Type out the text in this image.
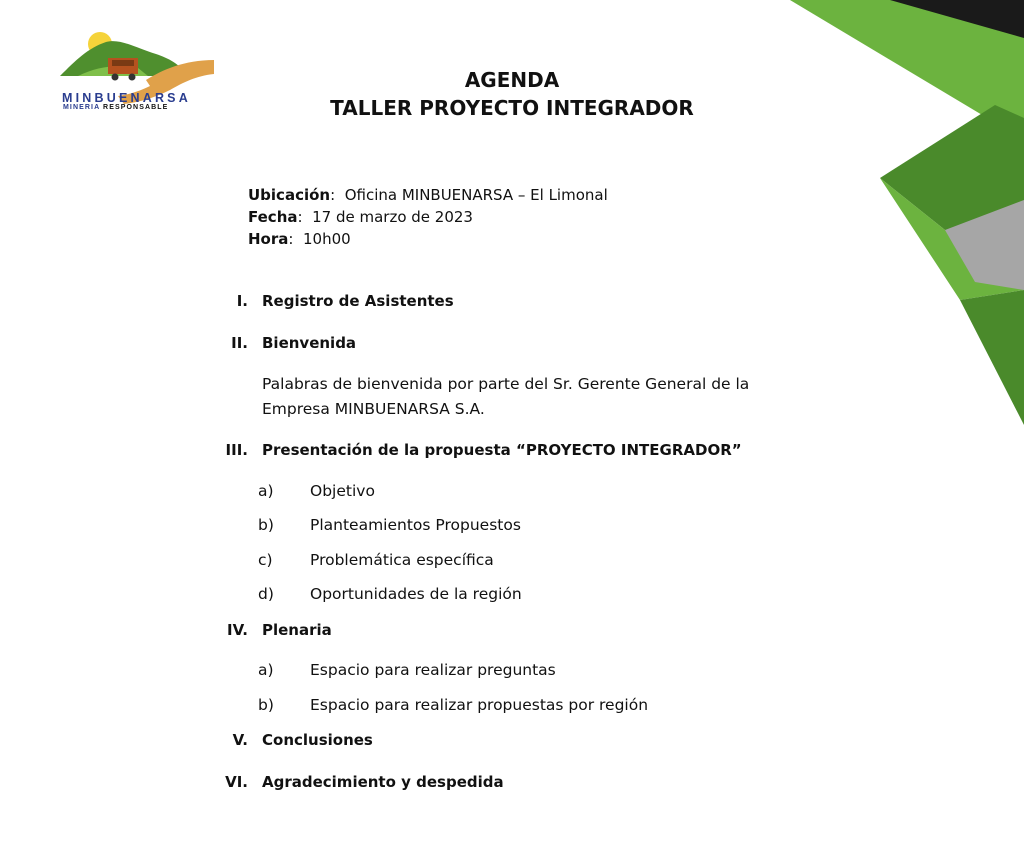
MINBUENARSA
MINERIA RESPONSABLE
AGENDA
TALLER PROYECTO INTEGRADOR
Ubicación:  Oficina MINBUENARSA – El Limonal
Fecha:  17 de marzo de 2023
Hora:  10h00
I. Registro de Asistentes
II. Bienvenida
Palabras de bienvenida por parte del Sr. Gerente General de la Empresa MINBUENARSA S.A.
III. Presentación de la propuesta “PROYECTO INTEGRADOR”
a) Objetivo
b) Planteamientos Propuestos
c) Problemática específica
d) Oportunidades de la región
IV. Plenaria
a) Espacio para realizar preguntas
b) Espacio para realizar propuestas por región
V. Conclusiones
VI. Agradecimiento y despedida
